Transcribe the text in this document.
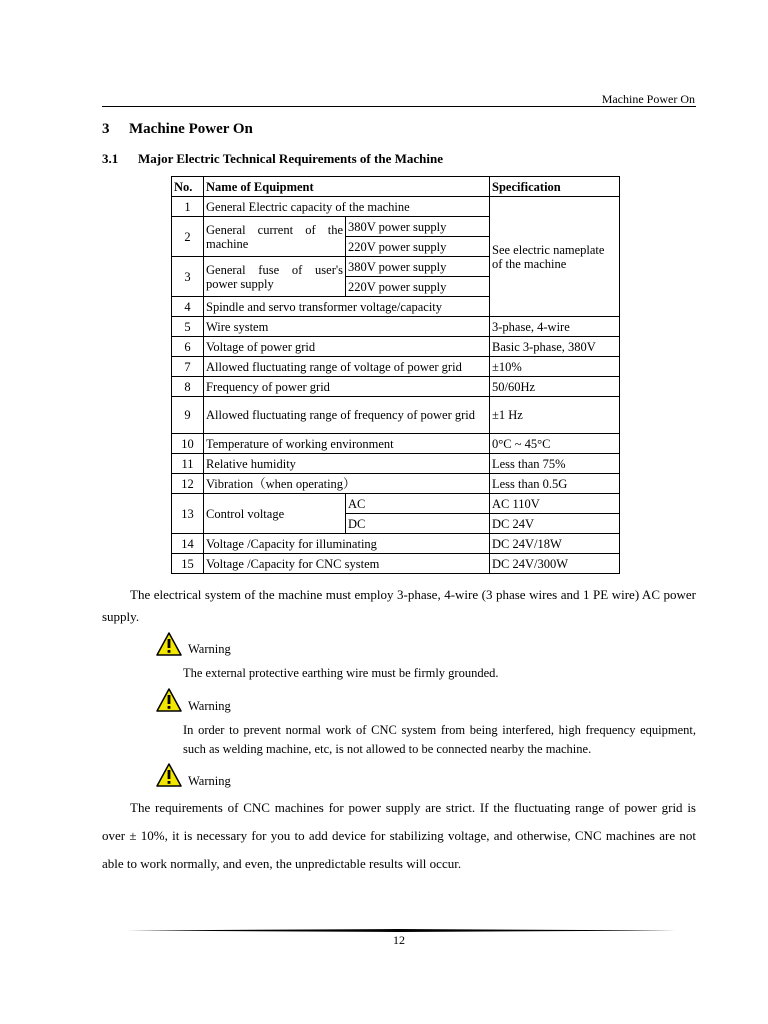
Machine Power On
3 Machine Power On
3.1 Major Electric Technical Requirements of the Machine
No.	Name of Equipment		Specification
1	General Electric capacity of the machine		See electric nameplate of the machine
2	General current of the machine	380V power supply	
		220V power supply	
3	General fuse of user's power supply	380V power supply	
		220V power supply	
4	Spindle and servo transformer voltage/capacity		
5	Wire system		3-phase, 4-wire
6	Voltage of power grid		Basic 3-phase, 380V
7	Allowed fluctuating range of voltage of power grid		±10%
8	Frequency of power grid		50/60Hz
9	Allowed fluctuating range of frequency of power grid		±1 Hz
10	Temperature of working environment		0°C ~ 45°C
11	Relative humidity		Less than 75%
12	Vibration（when operating）		Less than 0.5G
13	Control voltage	AC	AC 110V
		DC	DC 24V
14	Voltage /Capacity for illuminating		DC 24V/18W
15	Voltage /Capacity for CNC system		DC 24V/300W
The electrical system of the machine must employ 3-phase, 4-wire (3 phase wires and 1 PE wire) AC power supply.
Warning
The external protective earthing wire must be firmly grounded.
Warning
In order to prevent normal work of CNC system from being interfered, high frequency equipment, such as welding machine, etc, is not allowed to be connected nearby the machine.
Warning
The requirements of CNC machines for power supply are strict. If the fluctuating range of power grid is over ± 10%, it is necessary for you to add device for stabilizing voltage, and otherwise, CNC machines are not able to work normally, and even, the unpredictable results will occur.
12
